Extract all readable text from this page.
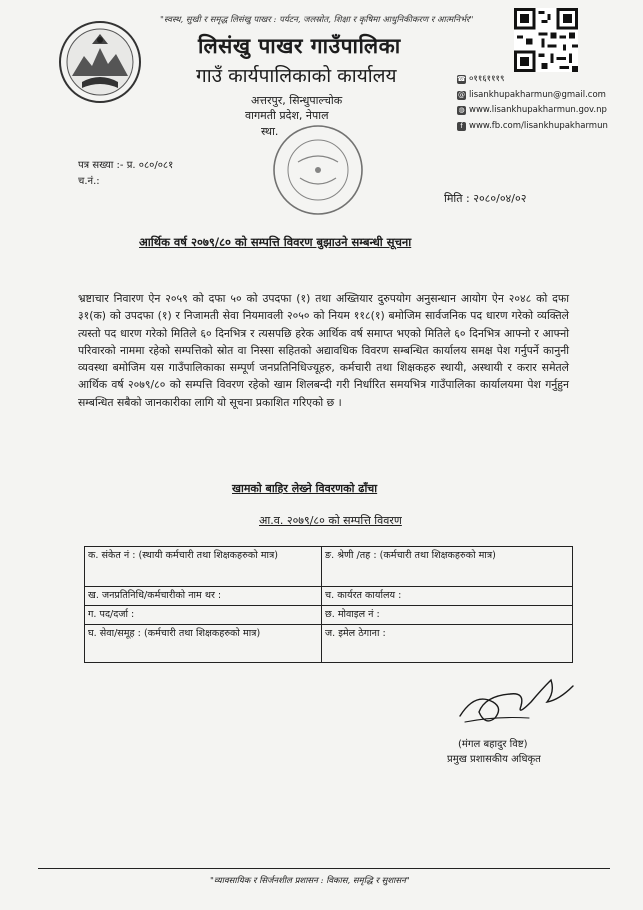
"स्वस्थ, सुखी र समृद्ध लिसंखु पाखर : पर्यटन, जलस्रोत, शिक्षा र कृषिमा आधुनिकीकरण र आत्मनिर्भर"
लिसंखु पाखर गाउँपालिका
गाउँ कार्यपालिकाको कार्यालय
अत्तरपुर, सिन्धुपाल्चोक
वागमती प्रदेश, नेपाल
स्था.
☎ ०११६१११९
@ lisankhupakharmun@gmail.com
◍ www.lisankhupakharmun.gov.np
f www.fb.com/lisankhupakharmun
पत्र सख्या :- प्र. ०८०/०८१
च.नं.:
मिति : २०८०/०४/०२
आर्थिक वर्ष २०७९/८० को सम्पत्ति विवरण बुझाउने सम्बन्धी सूचना
भ्रष्टाचार निवारण ऐन २०५९ को दफा ५० को उपदफा (१) तथा अख्तियार दुरुपयोग अनुसन्धान आयोग ऐन २०४८ को दफा ३१(क) को उपदफा (१) र निजामती सेवा नियमावली २०५० को नियम ११८(१) बमोजिम सार्वजनिक पद धारण गरेको व्यक्तिले त्यस्तो पद धारण गरेको मितिले ६० दिनभित्र र त्यसपछि हरेक आर्थिक वर्ष समाप्त भएको मितिले ६० दिनभित्र आफ्नो र आफ्नो परिवारको नाममा रहेको सम्पत्तिको स्रोत वा निस्सा सहितको अद्यावधिक विवरण सम्बन्धित कार्यालय समक्ष पेश गर्नुपर्ने कानुनी व्यवस्था बमोजिम यस गाउँपालिकाका सम्पूर्ण जनप्रतिनिधिज्यूहरु, कर्मचारी तथा शिक्षकहरु स्थायी, अस्थायी र करार समेतले आर्थिक वर्ष २०७९/८० को सम्पत्ति विवरण रहेको खाम शिलबन्दी गरी निर्धारित समयभित्र गाउँपालिका कार्यालयमा पेश गर्नुहुन सम्बन्धित सबैको जानकारीका लागि यो सूचना प्रकाशित गरिएको छ ।
खामको बाहिर लेख्ने विवरणको ढाँचा
आ.व. २०७९/८० को सम्पत्ति विवरण
क. संकेत नं : (स्थायी कर्मचारी तथा शिक्षकहरुको मात्र)	ङ. श्रेणी /तह : (कर्मचारी तथा शिक्षकहरुको मात्र)
ख. जनप्रतिनिधि/कर्मचारीको नाम थर :	च. कार्यरत कार्यालय :
ग. पद/दर्जा :	छ. मोवाइल नं :
घ. सेवा/समूह : (कर्मचारी तथा शिक्षकहरुको मात्र)	ज. इमेल ठेगाना :
(मंगल बहादुर विष्ट)
प्रमुख प्रशासकीय अधिकृत
"व्यावसायिक र सिर्जनशील प्रशासन : विकास, समृद्धि र सुशासन"
